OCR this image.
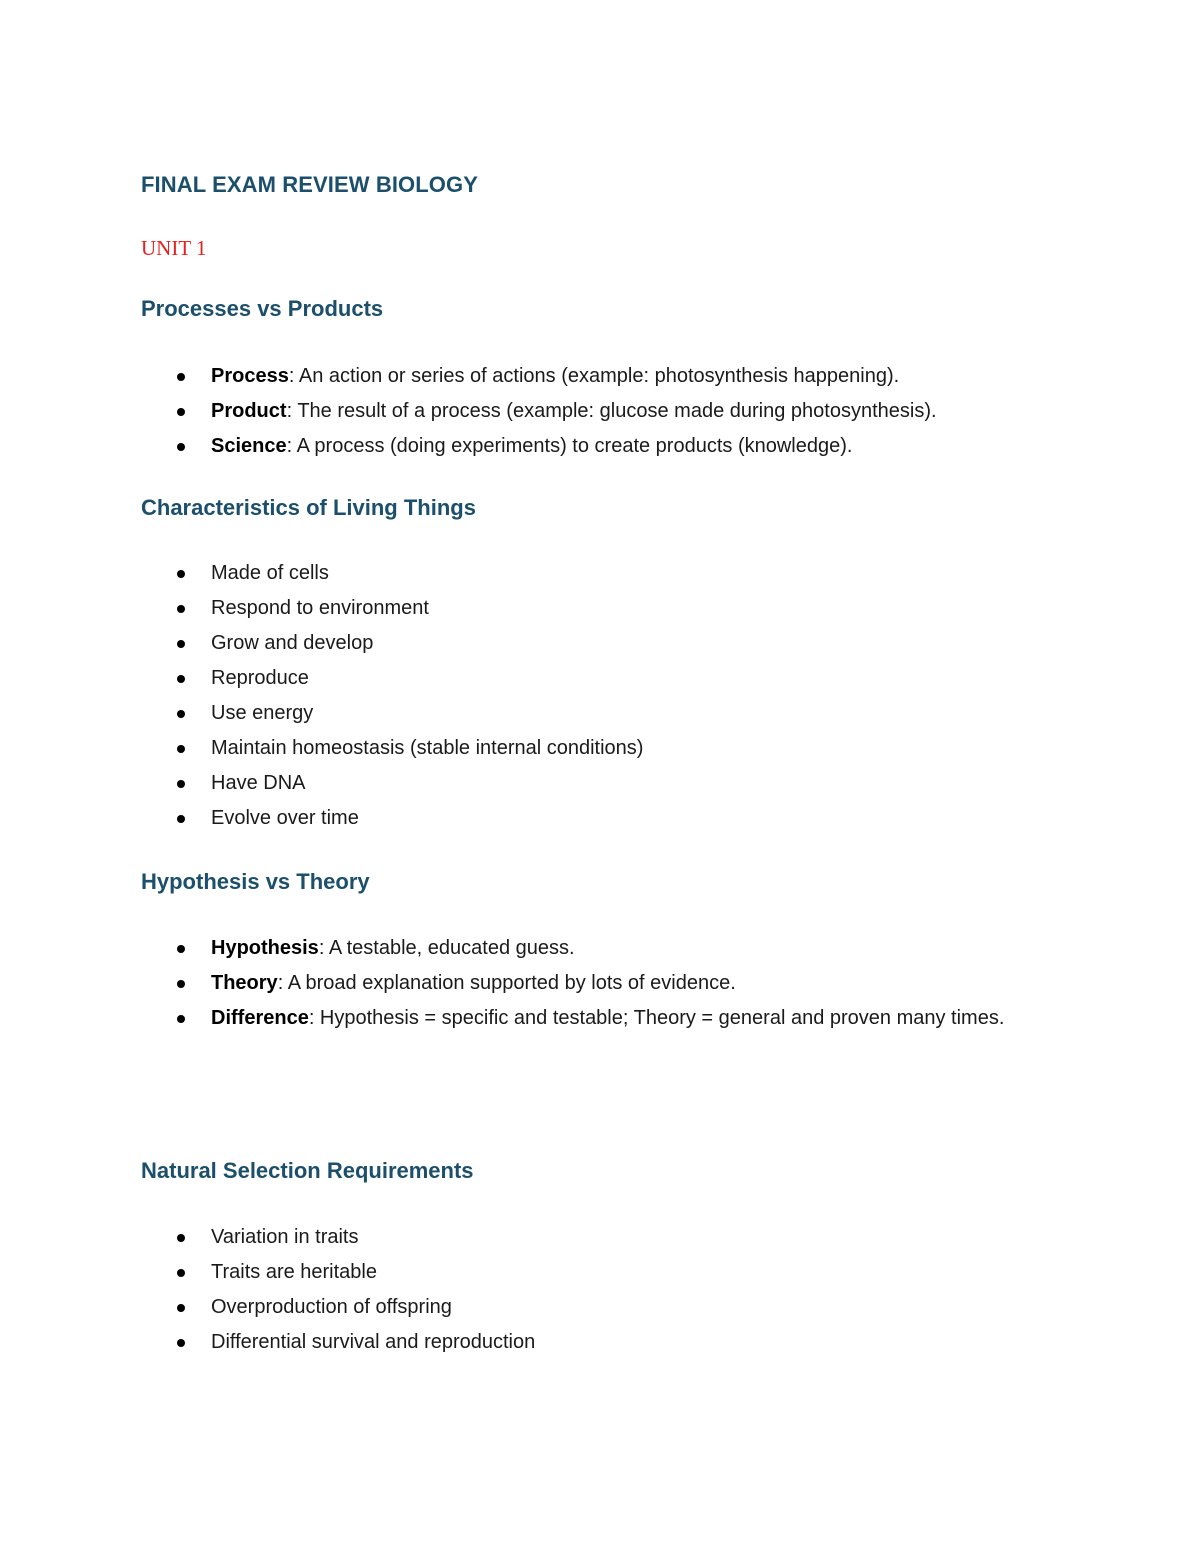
FINAL EXAM REVIEW BIOLOGY
UNIT 1
Processes vs Products
Process: An action or series of actions (example: photosynthesis happening).
Product: The result of a process (example: glucose made during photosynthesis).
Science: A process (doing experiments) to create products (knowledge).
Characteristics of Living Things
Made of cells
Respond to environment
Grow and develop
Reproduce
Use energy
Maintain homeostasis (stable internal conditions)
Have DNA
Evolve over time
Hypothesis vs Theory
Hypothesis: A testable, educated guess.
Theory: A broad explanation supported by lots of evidence.
Difference: Hypothesis = specific and testable; Theory = general and proven many times.
Natural Selection Requirements
Variation in traits
Traits are heritable
Overproduction of offspring
Differential survival and reproduction
